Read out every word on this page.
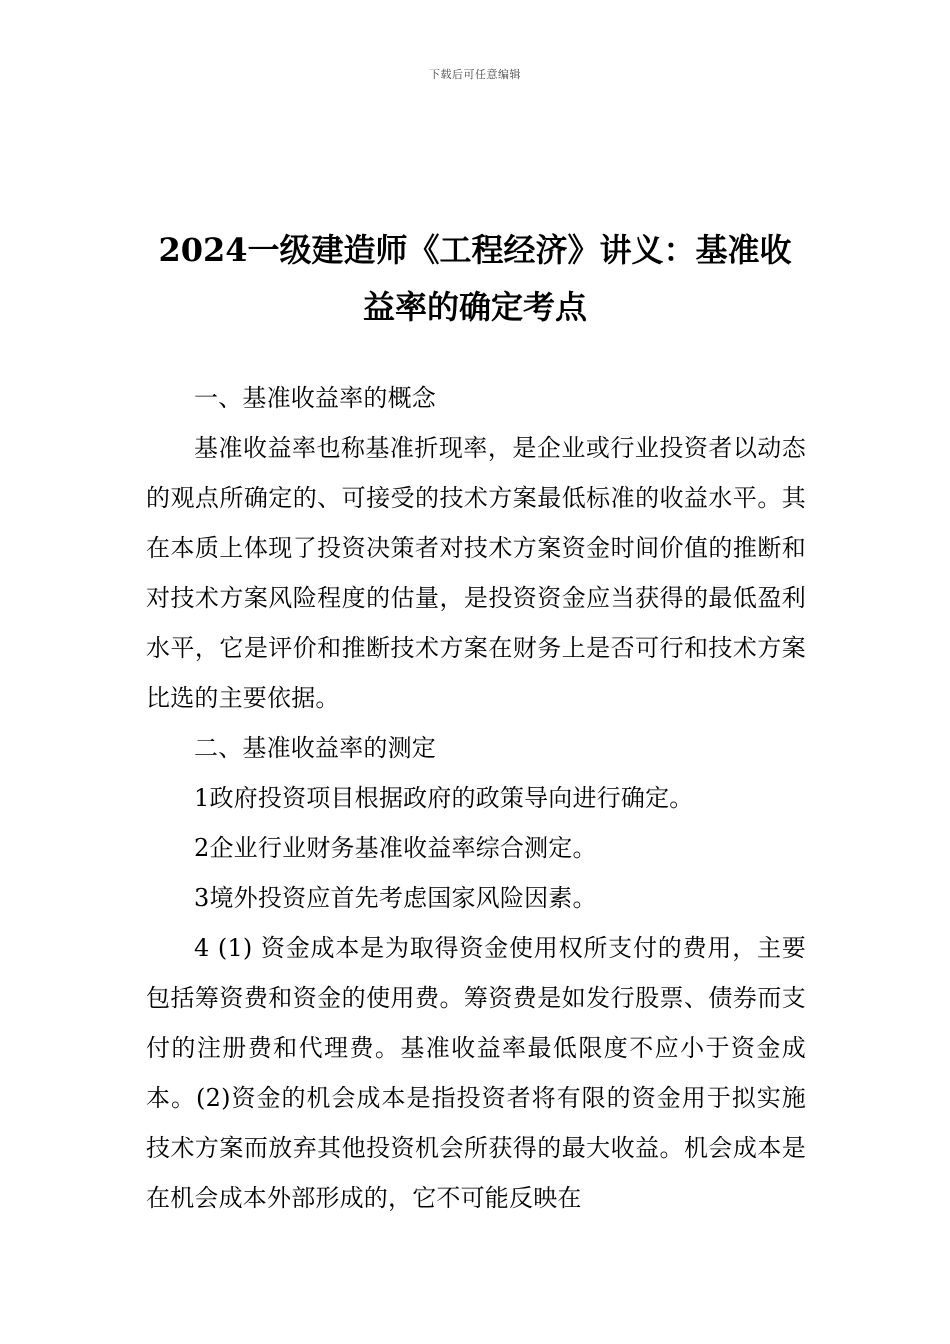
下载后可任意编辑
2024一级建造师《工程经济》讲义：基准收益率的确定考点

一、基准收益率的概念

基准收益率也称基准折现率，是企业或行业投资者以动态的观点所确定的、可接受的技术方案最低标准的收益水平。其在本质上体现了投资决策者对技术方案资金时间价值的推断和对技术方案风险程度的估量，是投资资金应当获得的最低盈利水平，它是评价和推断技术方案在财务上是否可行和技术方案比选的主要依据。

二、基准收益率的测定

1政府投资项目根据政府的政策导向进行确定。

2企业行业财务基准收益率综合测定。

3境外投资应首先考虑国家风险因素。

4 (1) 资金成本是为取得资金使用权所支付的费用，主要包括筹资费和资金的使用费。筹资费是如发行股票、债券而支付的注册费和代理费。基准收益率最低限度不应小于资金成本。(2)资金的机会成本是指投资者将有限的资金用于拟实施技术方案而放弃其他投资机会所获得的最大收益。机会成本是在机会成本外部形成的，它不可能反映在
